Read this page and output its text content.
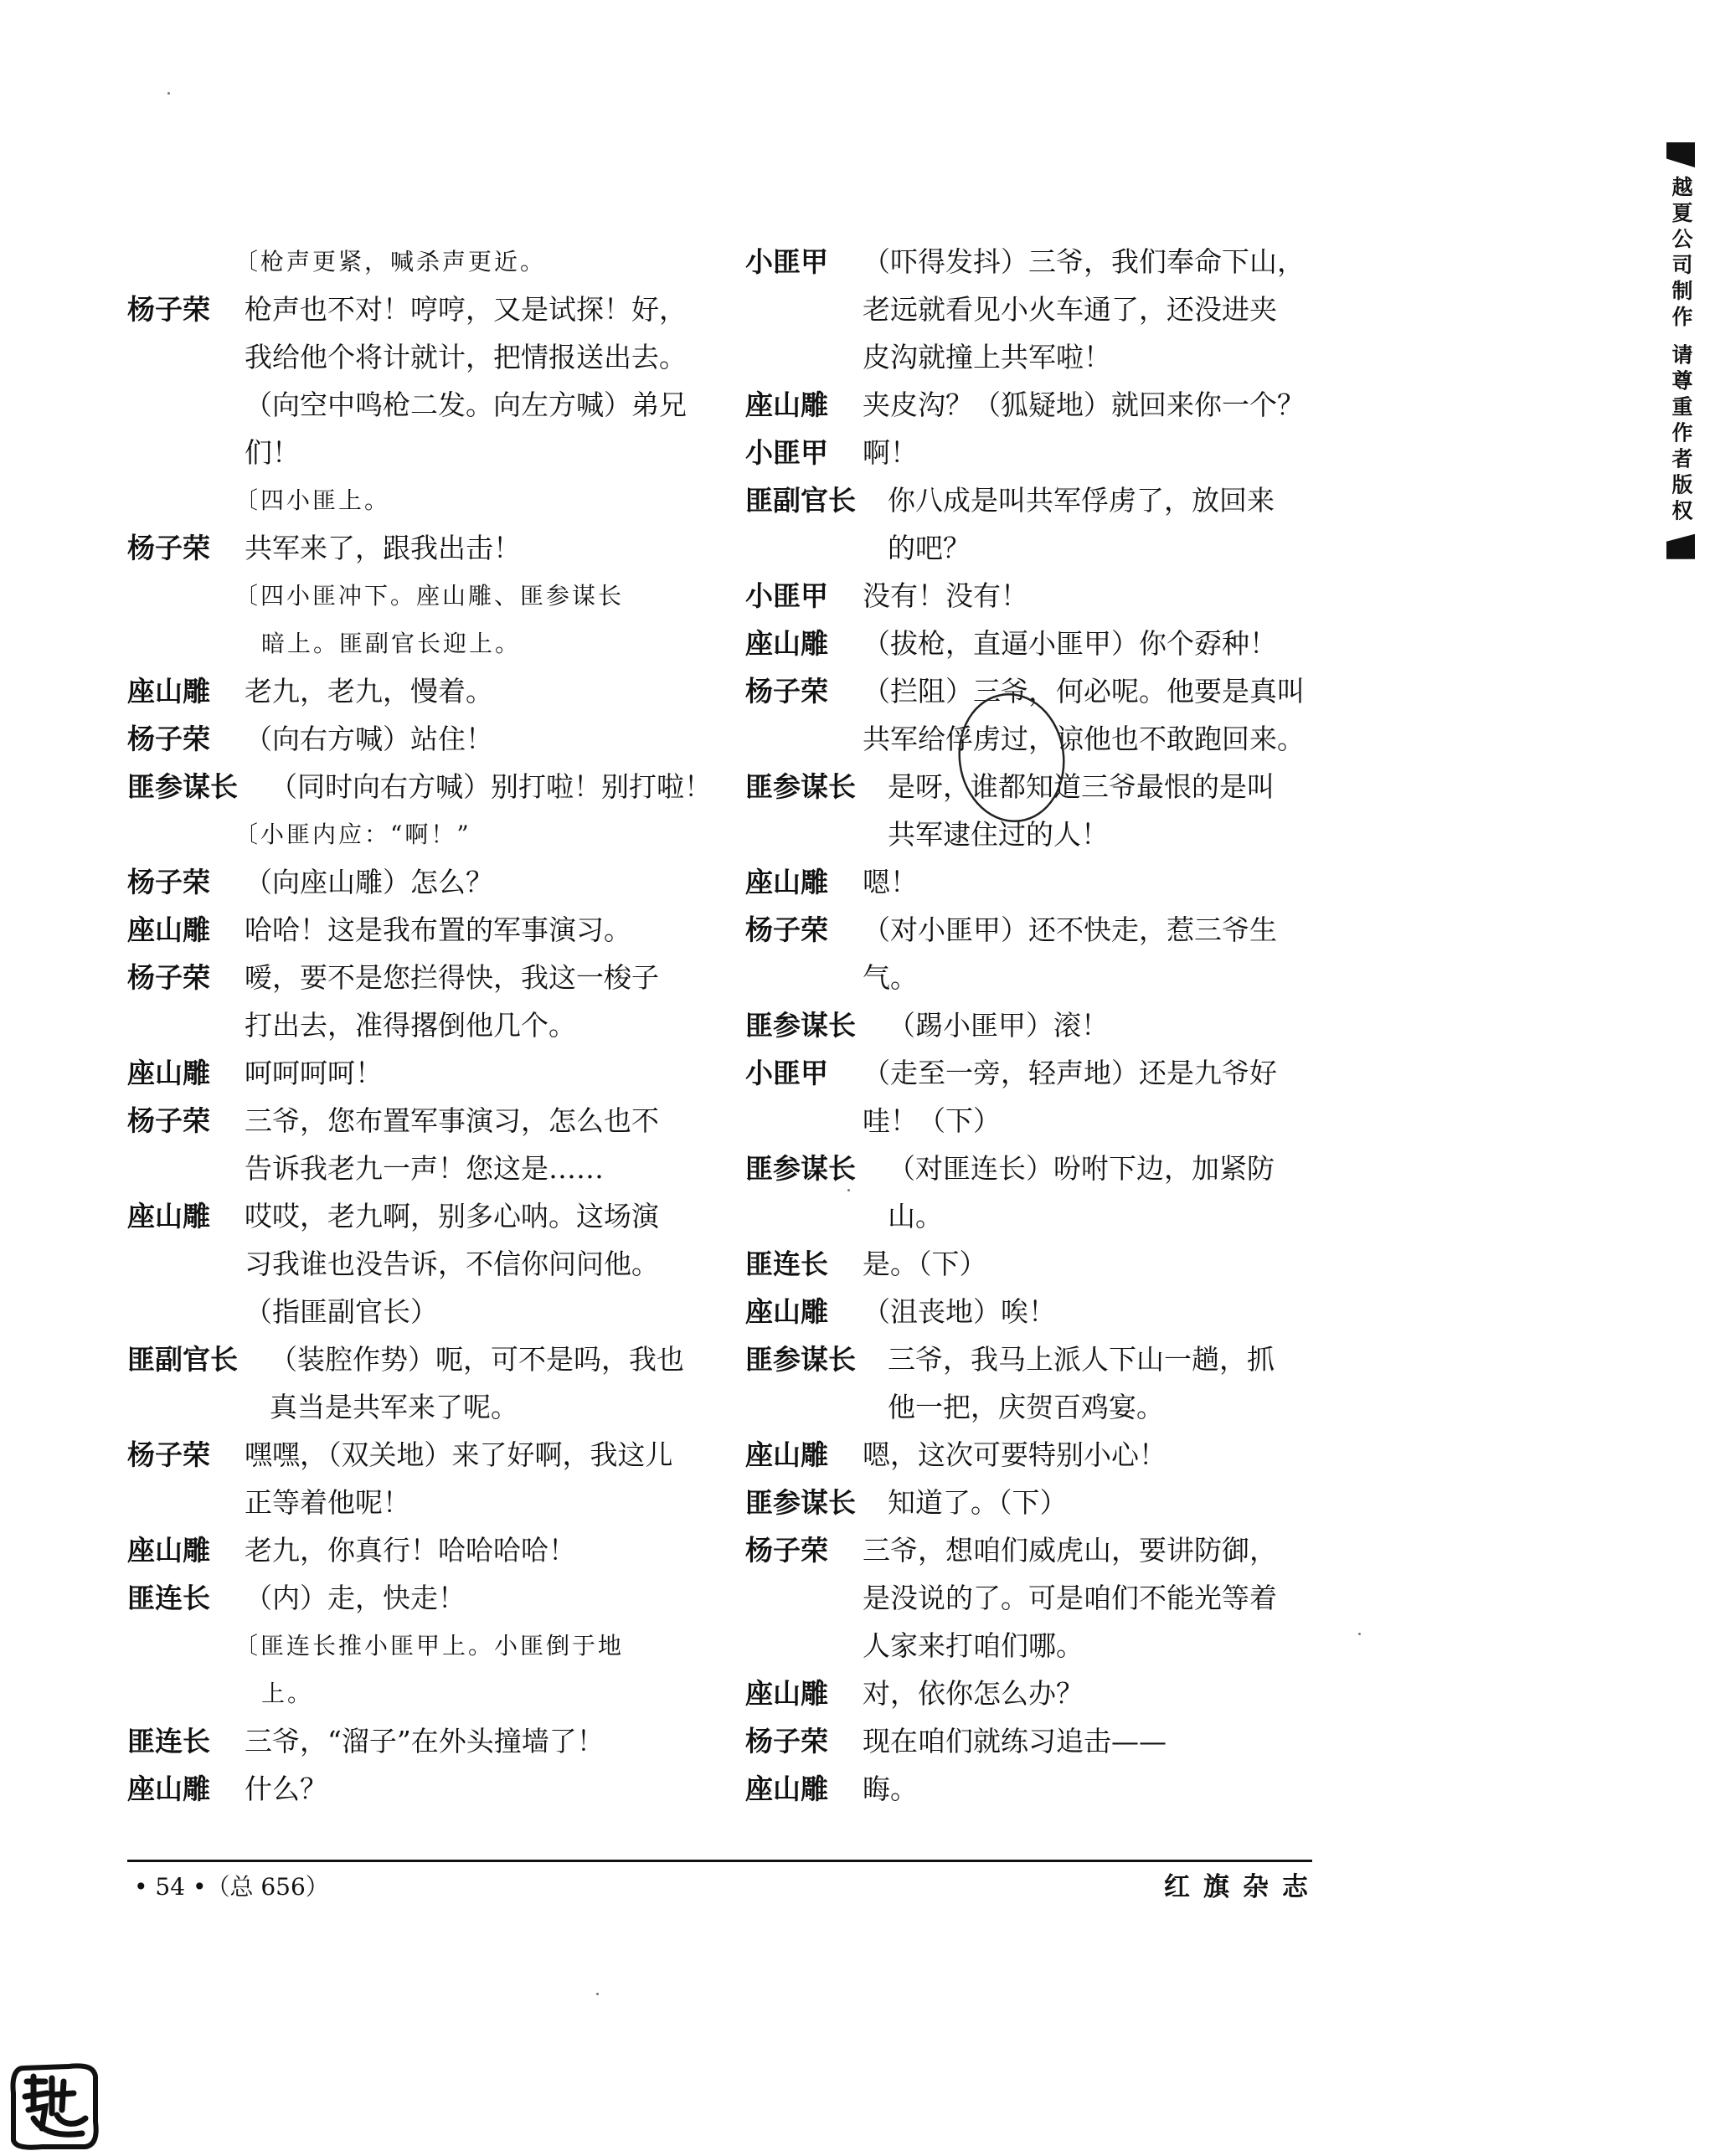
越夏公司制作 请尊重作者版权
〔枪声更紧，喊杀声更近。
杨子荣 枪声也不对！哼哼，又是试探！好，
我给他个将计就计，把情报送出去。
（向空中鸣枪二发。向左方喊）弟兄
们！
〔四小匪上。
杨子荣 共军来了，跟我出击！
〔四小匪冲下。座山雕、匪参谋长
暗上。匪副官长迎上。
座山雕 老九，老九，慢着。
杨子荣 （向右方喊）站住！
匪参谋长 （同时向右方喊）别打啦！别打啦！
〔小匪内应：“啊！”
杨子荣 （向座山雕）怎么？
座山雕 哈哈！这是我布置的军事演习。
杨子荣 嗳，要不是您拦得快，我这一梭子
打出去，准得撂倒他几个。
座山雕 呵呵呵呵！
杨子荣 三爷，您布置军事演习，怎么也不
告诉我老九一声！您这是……
座山雕 哎哎，老九啊，别多心呐。这场演
习我谁也没告诉，不信你问问他。
（指匪副官长）
匪副官长 （装腔作势）呃，可不是吗，我也
真当是共军来了呢。
杨子荣 嘿嘿，（双关地）来了好啊，我这儿
正等着他呢！
座山雕 老九，你真行！哈哈哈哈！
匪连长 （内）走，快走！
〔匪连长推小匪甲上。小匪倒于地
上。
匪连长 三爷，“溜子”在外头撞墙了！
座山雕 什么？
小匪甲 （吓得发抖）三爷，我们奉命下山，
老远就看见小火车通了，还没进夹
皮沟就撞上共军啦！
座山雕 夹皮沟？（狐疑地）就回来你一个？
小匪甲 啊！
匪副官长 你八成是叫共军俘虏了，放回来
的吧？
小匪甲 没有！没有！
座山雕 （拔枪，直逼小匪甲）你个孬种！
杨子荣 （拦阻）三爷，何必呢。他要是真叫
共军给俘虏过，谅他也不敢跑回来。
匪参谋长 是呀，谁都知道三爷最恨的是叫
共军逮住过的人！
座山雕 嗯！
杨子荣 （对小匪甲）还不快走，惹三爷生
气。
匪参谋长 （踢小匪甲）滚！
小匪甲 （走至一旁，轻声地）还是九爷好
哇！（下）
匪参谋长 （对匪连长）吩咐下边，加紧防
山。
匪连长 是。（下）
座山雕 （沮丧地）唉！
匪参谋长 三爷，我马上派人下山一趟，抓
他一把，庆贺百鸡宴。
座山雕 嗯，这次可要特别小心！
匪参谋长 知道了。（下）
杨子荣 三爷，想咱们威虎山，要讲防御，
是没说的了。可是咱们不能光等着
人家来打咱们哪。
座山雕 对，依你怎么办？
杨子荣 现在咱们就练习追击——
座山雕 晦。
• 54 •（总 656）	红旗杂志
